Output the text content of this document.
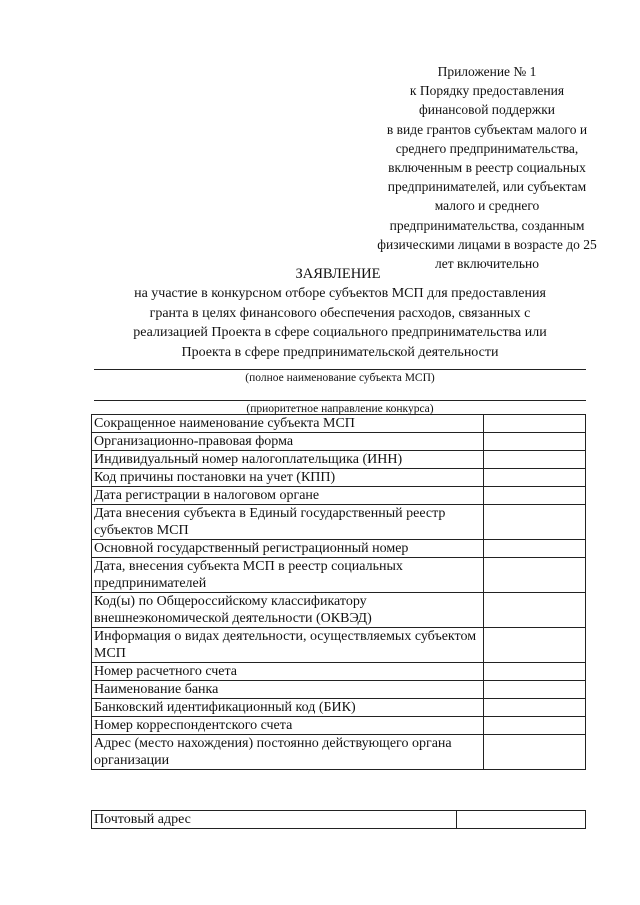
Приложение № 1
к Порядку предоставления
финансовой поддержки
в виде грантов субъектам малого и
среднего предпринимательства,
включенным в реестр социальных
предпринимателей, или субъектам
малого и среднего
предпринимательства, созданным
физическими лицами в возрасте до 25
лет включительно
ЗАЯВЛЕНИЕ
на участие в конкурсном отборе субъектов МСП для предоставления
гранта в целях финансового обеспечения расходов, связанных с
реализацией Проекта в сфере социального предпринимательства или
Проекта в сфере предпринимательской деятельности
(полное наименование субъекта МСП)
(приоритетное направление конкурса)
Сокращенное наименование субъекта МСП	
Организационно-правовая форма	
Индивидуальный номер налогоплательщика (ИНН)	
Код причины постановки на учет (КПП)	
Дата регистрации в налоговом органе	
Дата внесения субъекта в Единый государственный реестр субъектов МСП	
Основной государственный регистрационный номер	
Дата, внесения субъекта МСП в реестр социальных предпринимателей	
Код(ы) по Общероссийскому классификатору внешнеэкономической деятельности (ОКВЭД)	
Информация о видах деятельности, осуществляемых субъектом МСП	
Номер расчетного счета	
Наименование банка	
Банковский идентификационный код (БИК)	
Номер корреспондентского счета	
Адрес (место нахождения) постоянно действующего органа организации	
Почтовый адрес	
